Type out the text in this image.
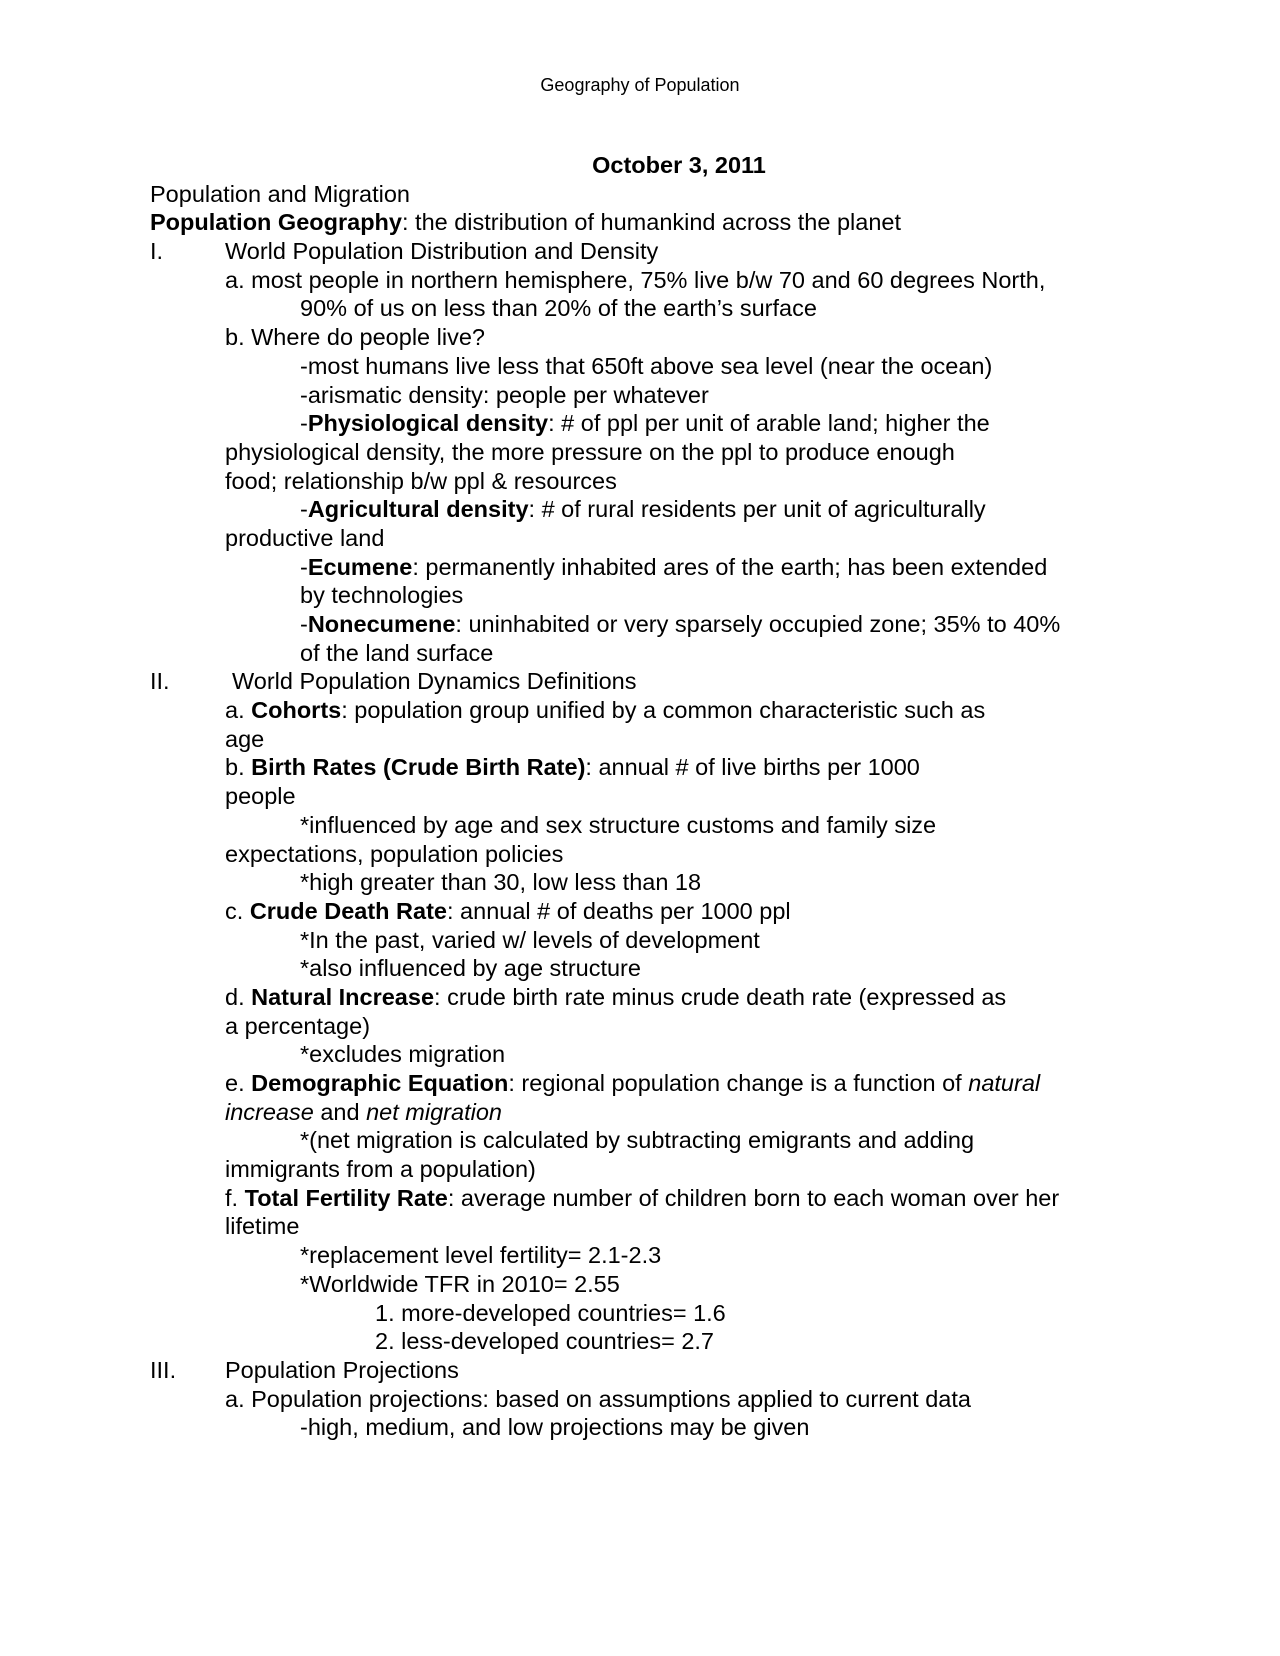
Geography of Population
October 3, 2011
Population and Migration
Population Geography: the distribution of humankind across the planet
I.	World Population Distribution and Density
a. most people in northern hemisphere, 75% live b/w 70 and 60 degrees North,
90% of us on less than 20% of the earth’s surface
b. Where do people live?
-most humans live less that 650ft above sea level (near the ocean)
-arismatic density: people per whatever
-Physiological density: # of ppl per unit of arable land; higher the
physiological density, the more pressure on the ppl to produce enough
food; relationship b/w ppl & resources
-Agricultural density: # of rural residents per unit of agriculturally
productive land
-Ecumene: permanently inhabited ares of the earth; has been extended
by technologies
-Nonecumene: uninhabited or very sparsely occupied zone; 35% to 40%
of the land surface
II.	World Population Dynamics Definitions
a. Cohorts: population group unified by a common characteristic such as
age
b. Birth Rates (Crude Birth Rate): annual # of live births per 1000
people
*influenced by age and sex structure customs and family size
expectations, population policies
*high greater than 30, low less than 18
c. Crude Death Rate: annual # of deaths per 1000 ppl
*In the past, varied w/ levels of development
*also influenced by age structure
d. Natural Increase: crude birth rate minus crude death rate (expressed as
a percentage)
*excludes migration
e. Demographic Equation: regional population change is a function of natural
increase and net migration
*(net migration is calculated by subtracting emigrants and adding
immigrants from a population)
f. Total Fertility Rate: average number of children born to each woman over her
lifetime
*replacement level fertility= 2.1-2.3
*Worldwide TFR in 2010= 2.55
1. more-developed countries= 1.6
2. less-developed countries= 2.7
III. Population Projections
a. Population projections: based on assumptions applied to current data
-high, medium, and low projections may be given
